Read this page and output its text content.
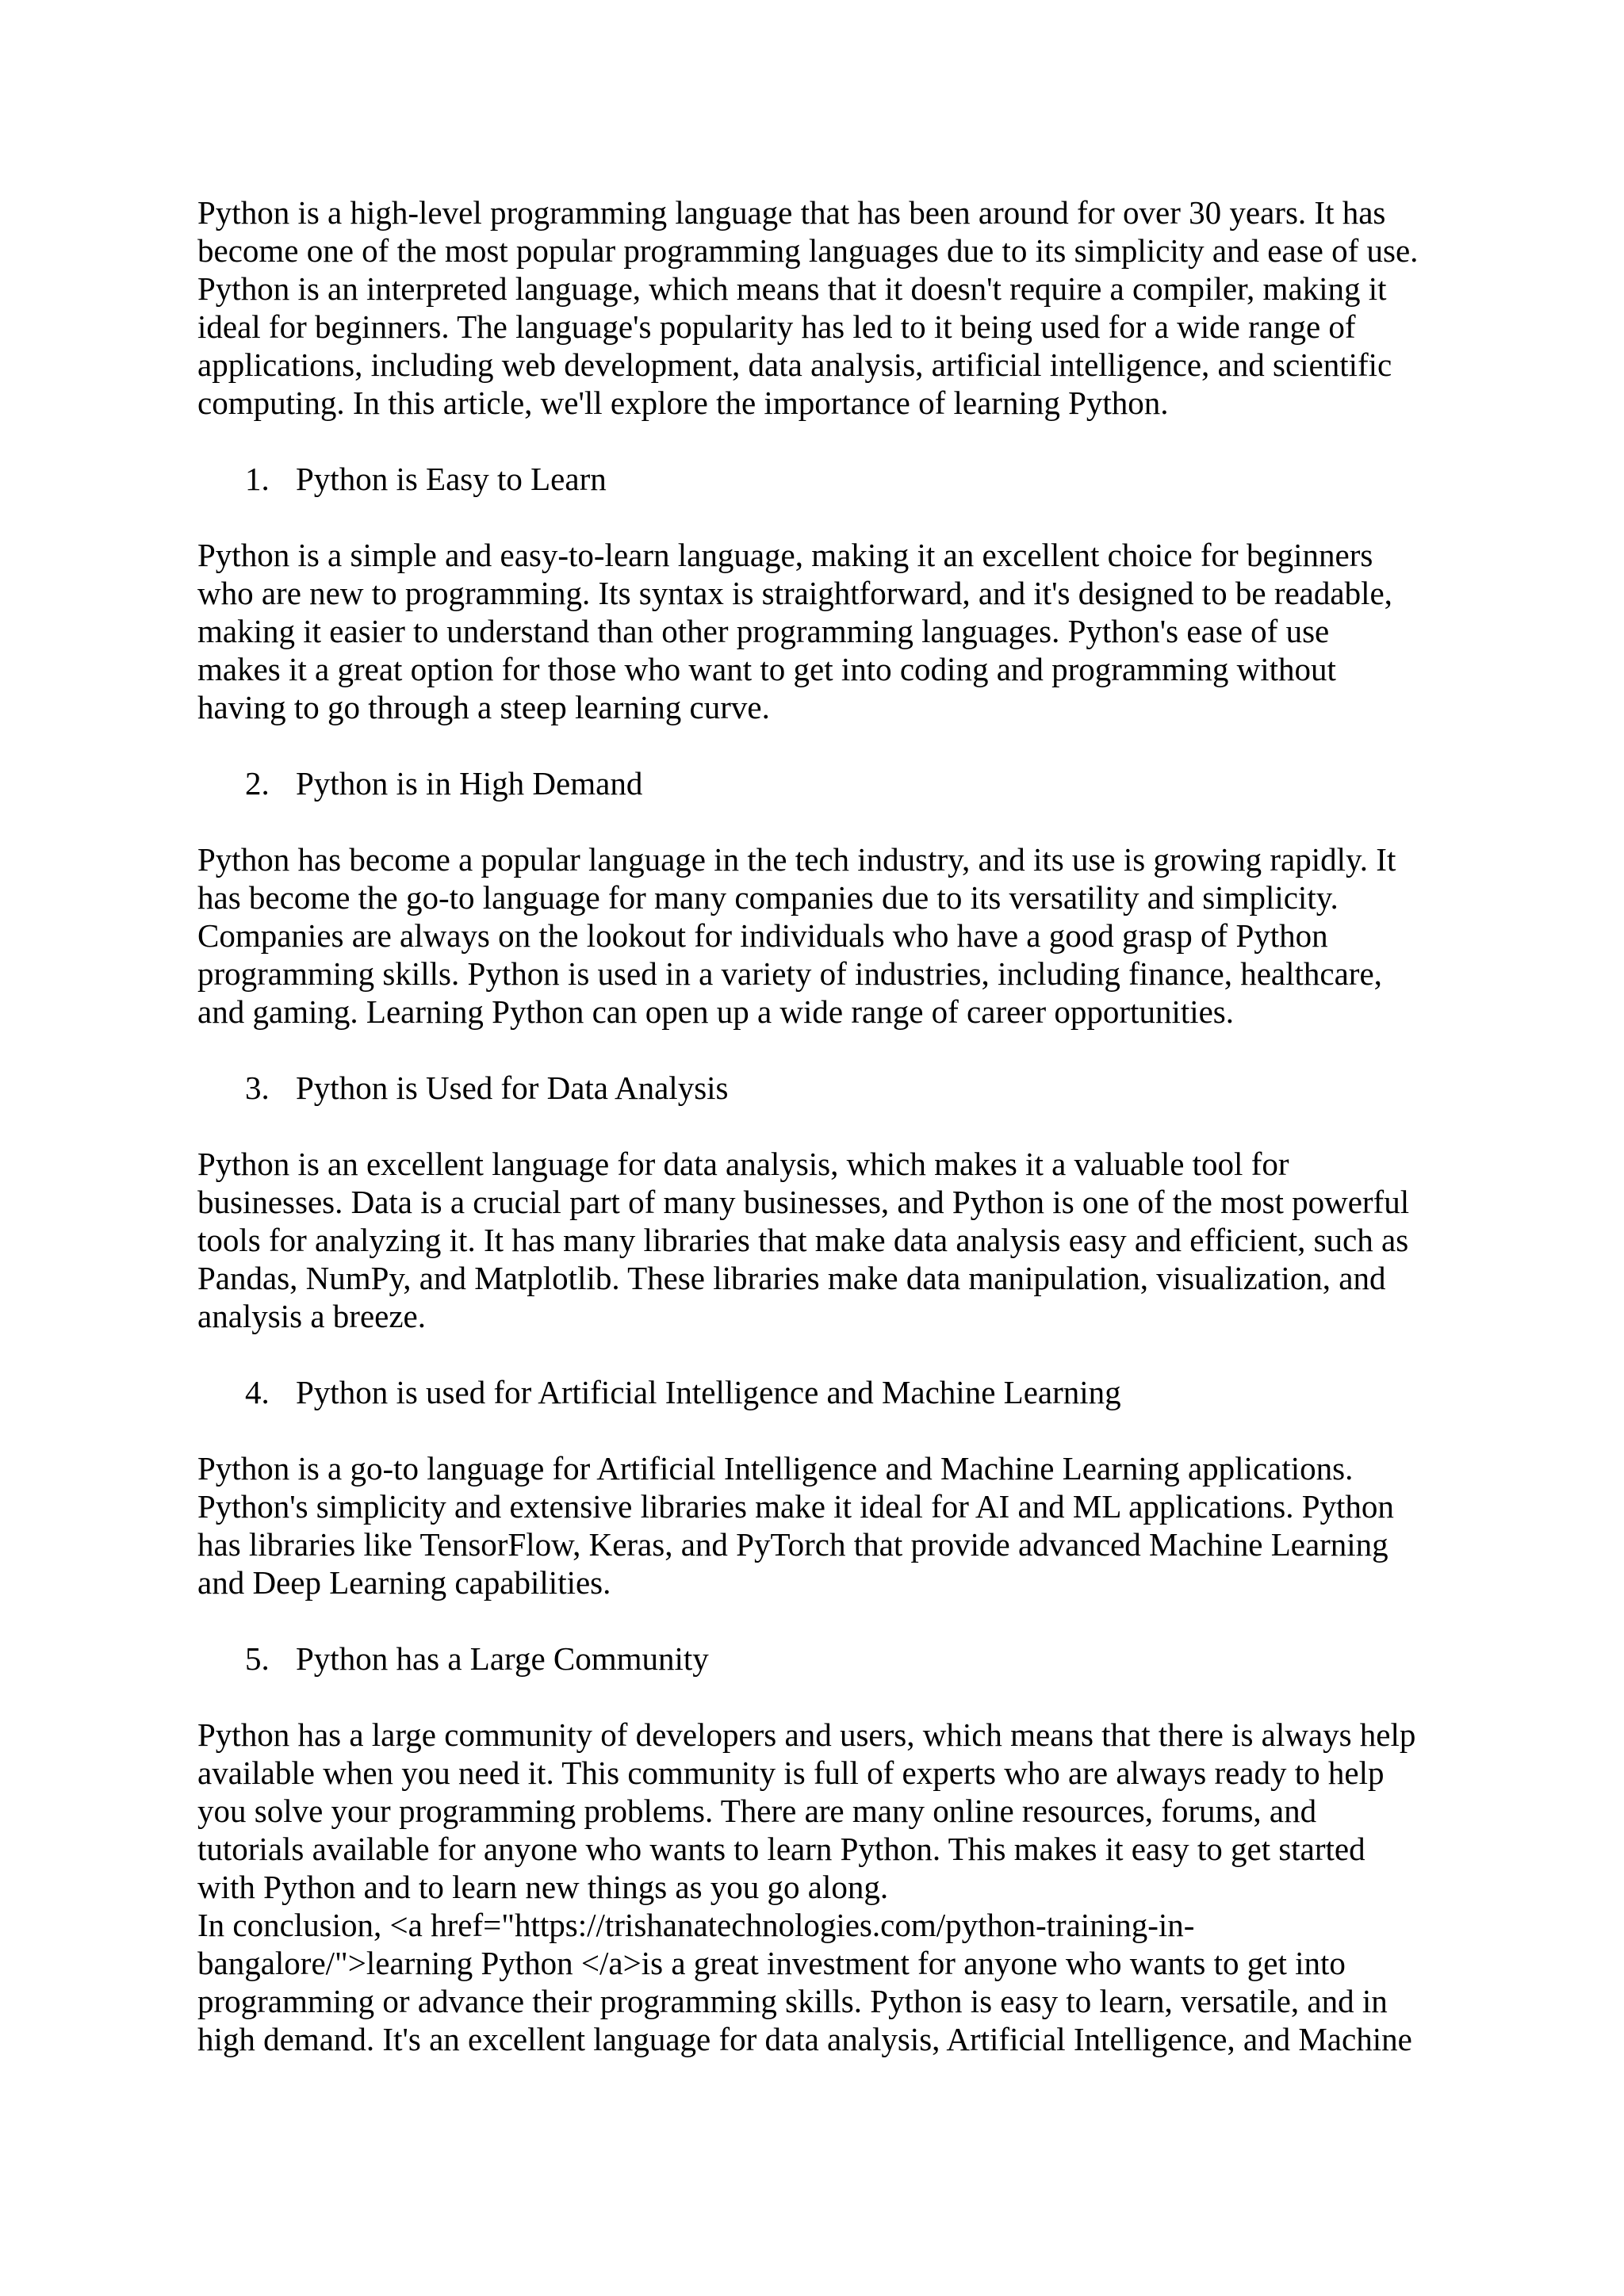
Python is a high-level programming language that has been around for over 30 years. It has
become one of the most popular programming languages due to its simplicity and ease of use.
Python is an interpreted language, which means that it doesn't require a compiler, making it
ideal for beginners. The language's popularity has led to it being used for a wide range of
applications, including web development, data analysis, artificial intelligence, and scientific
computing. In this article, we'll explore the importance of learning Python.

1.

Python is Easy to Learn

Python is a simple and easy-to-learn language, making it an excellent choice for beginners
who are new to programming. Its syntax is straightforward, and it's designed to be readable,
making it easier to understand than other programming languages. Python's ease of use
makes it a great option for those who want to get into coding and programming without
having to go through a steep learning curve.

2.

Python is in High Demand

Python has become a popular language in the tech industry, and its use is growing rapidly. It
has become the go-to language for many companies due to its versatility and simplicity.
Companies are always on the lookout for individuals who have a good grasp of Python
programming skills. Python is used in a variety of industries, including finance, healthcare,
and gaming. Learning Python can open up a wide range of career opportunities.

3.

Python is Used for Data Analysis

Python is an excellent language for data analysis, which makes it a valuable tool for
businesses. Data is a crucial part of many businesses, and Python is one of the most powerful
tools for analyzing it. It has many libraries that make data analysis easy and efficient, such as
Pandas, NumPy, and Matplotlib. These libraries make data manipulation, visualization, and
analysis a breeze.

4.

Python is used for Artificial Intelligence and Machine Learning

Python is a go-to language for Artificial Intelligence and Machine Learning applications.
Python's simplicity and extensive libraries make it ideal for AI and ML applications. Python
has libraries like TensorFlow, Keras, and PyTorch that provide advanced Machine Learning
and Deep Learning capabilities.

5.

Python has a Large Community

Python has a large community of developers and users, which means that there is always help
available when you need it. This community is full of experts who are always ready to help
you solve your programming problems. There are many online resources, forums, and
tutorials available for anyone who wants to learn Python. This makes it easy to get started
with Python and to learn new things as you go along.
In conclusion, <a href="https://trishanatechnologies.com/python-training-in-
bangalore/">learning Python </a>is a great investment for anyone who wants to get into
programming or advance their programming skills. Python is easy to learn, versatile, and in
high demand. It's an excellent language for data analysis, Artificial Intelligence, and Machine
